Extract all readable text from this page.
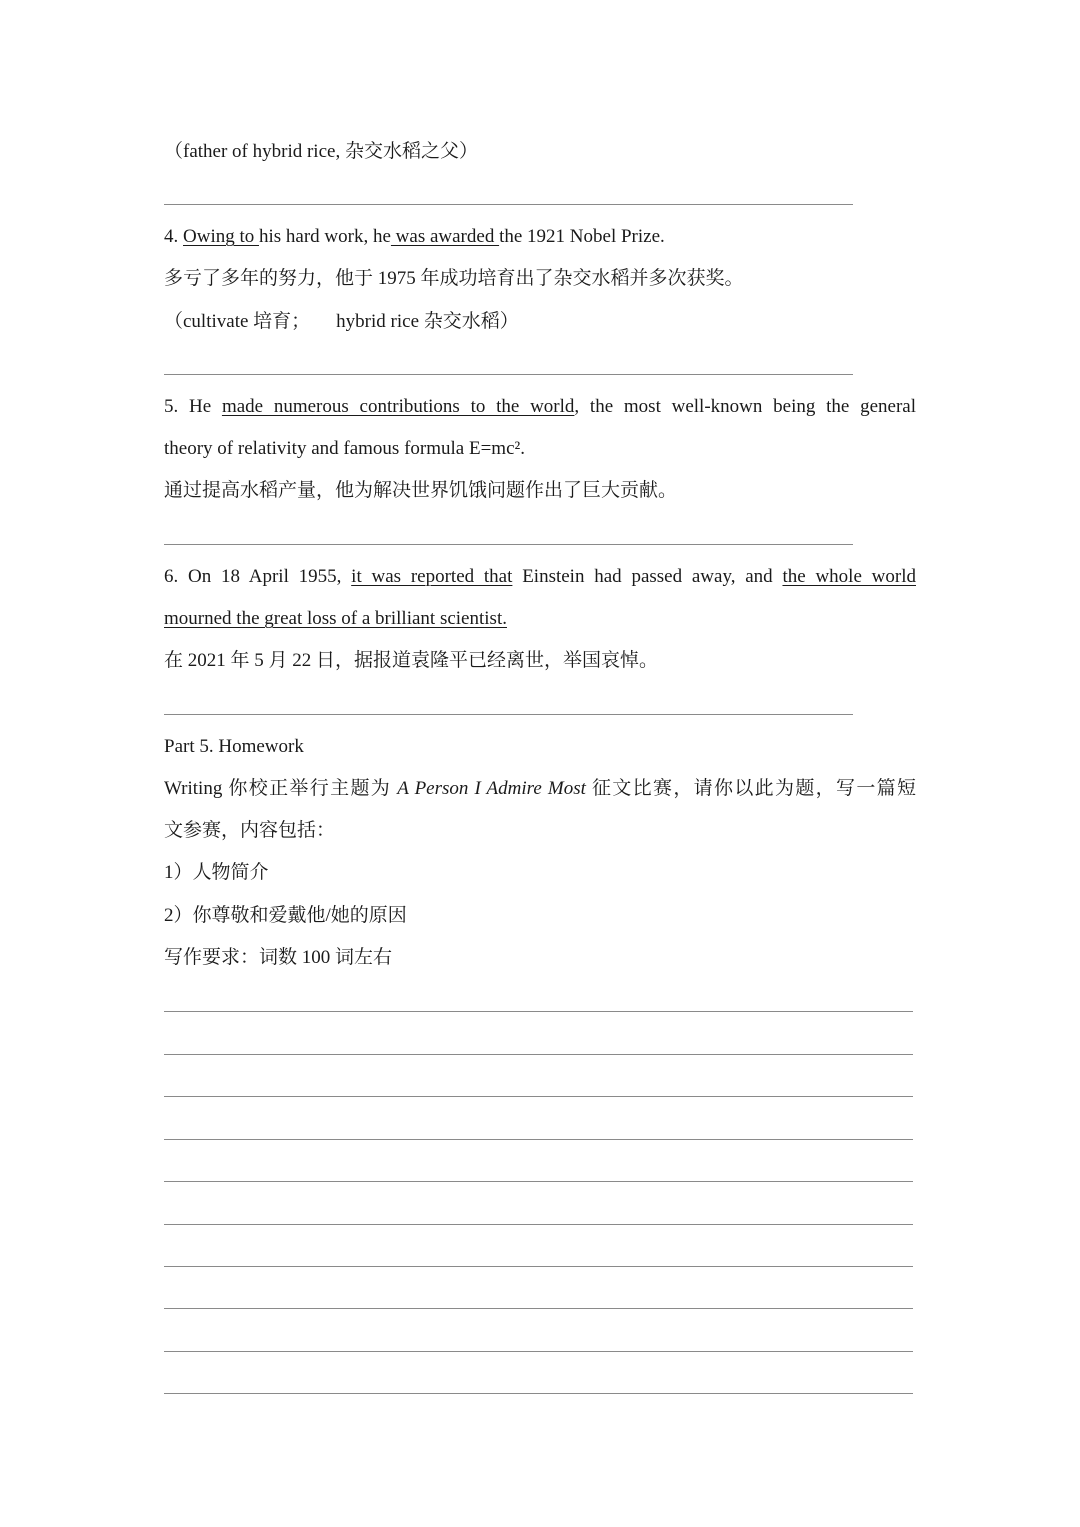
（father of hybrid rice, 杂交水稻之父）
4. Owing to his hard work, he was awarded the 1921 Nobel Prize.
多亏了多年的努力，他于 1975 年成功培育出了杂交水稻并多次获奖。
（cultivate 培育； hybrid rice 杂交水稻）
5. He made numerous contributions to the world, the most well-known being the general
theory of relativity and famous formula E=mc².
通过提高水稻产量，他为解决世界饥饿问题作出了巨大贡献。
6. On 18 April 1955, it was reported that Einstein had passed away, and the whole world
mourned the great loss of a brilliant scientist.
在 2021 年 5 月 22 日，据报道袁隆平已经离世，举国哀悼。
Part 5. Homework
Writing 你校正举行主题为 A Person I Admire Most 征文比赛，请你以此为题，写一篇短
文参赛，内容包括：
1）人物简介
2）你尊敬和爱戴他/她的原因
写作要求：词数 100 词左右
